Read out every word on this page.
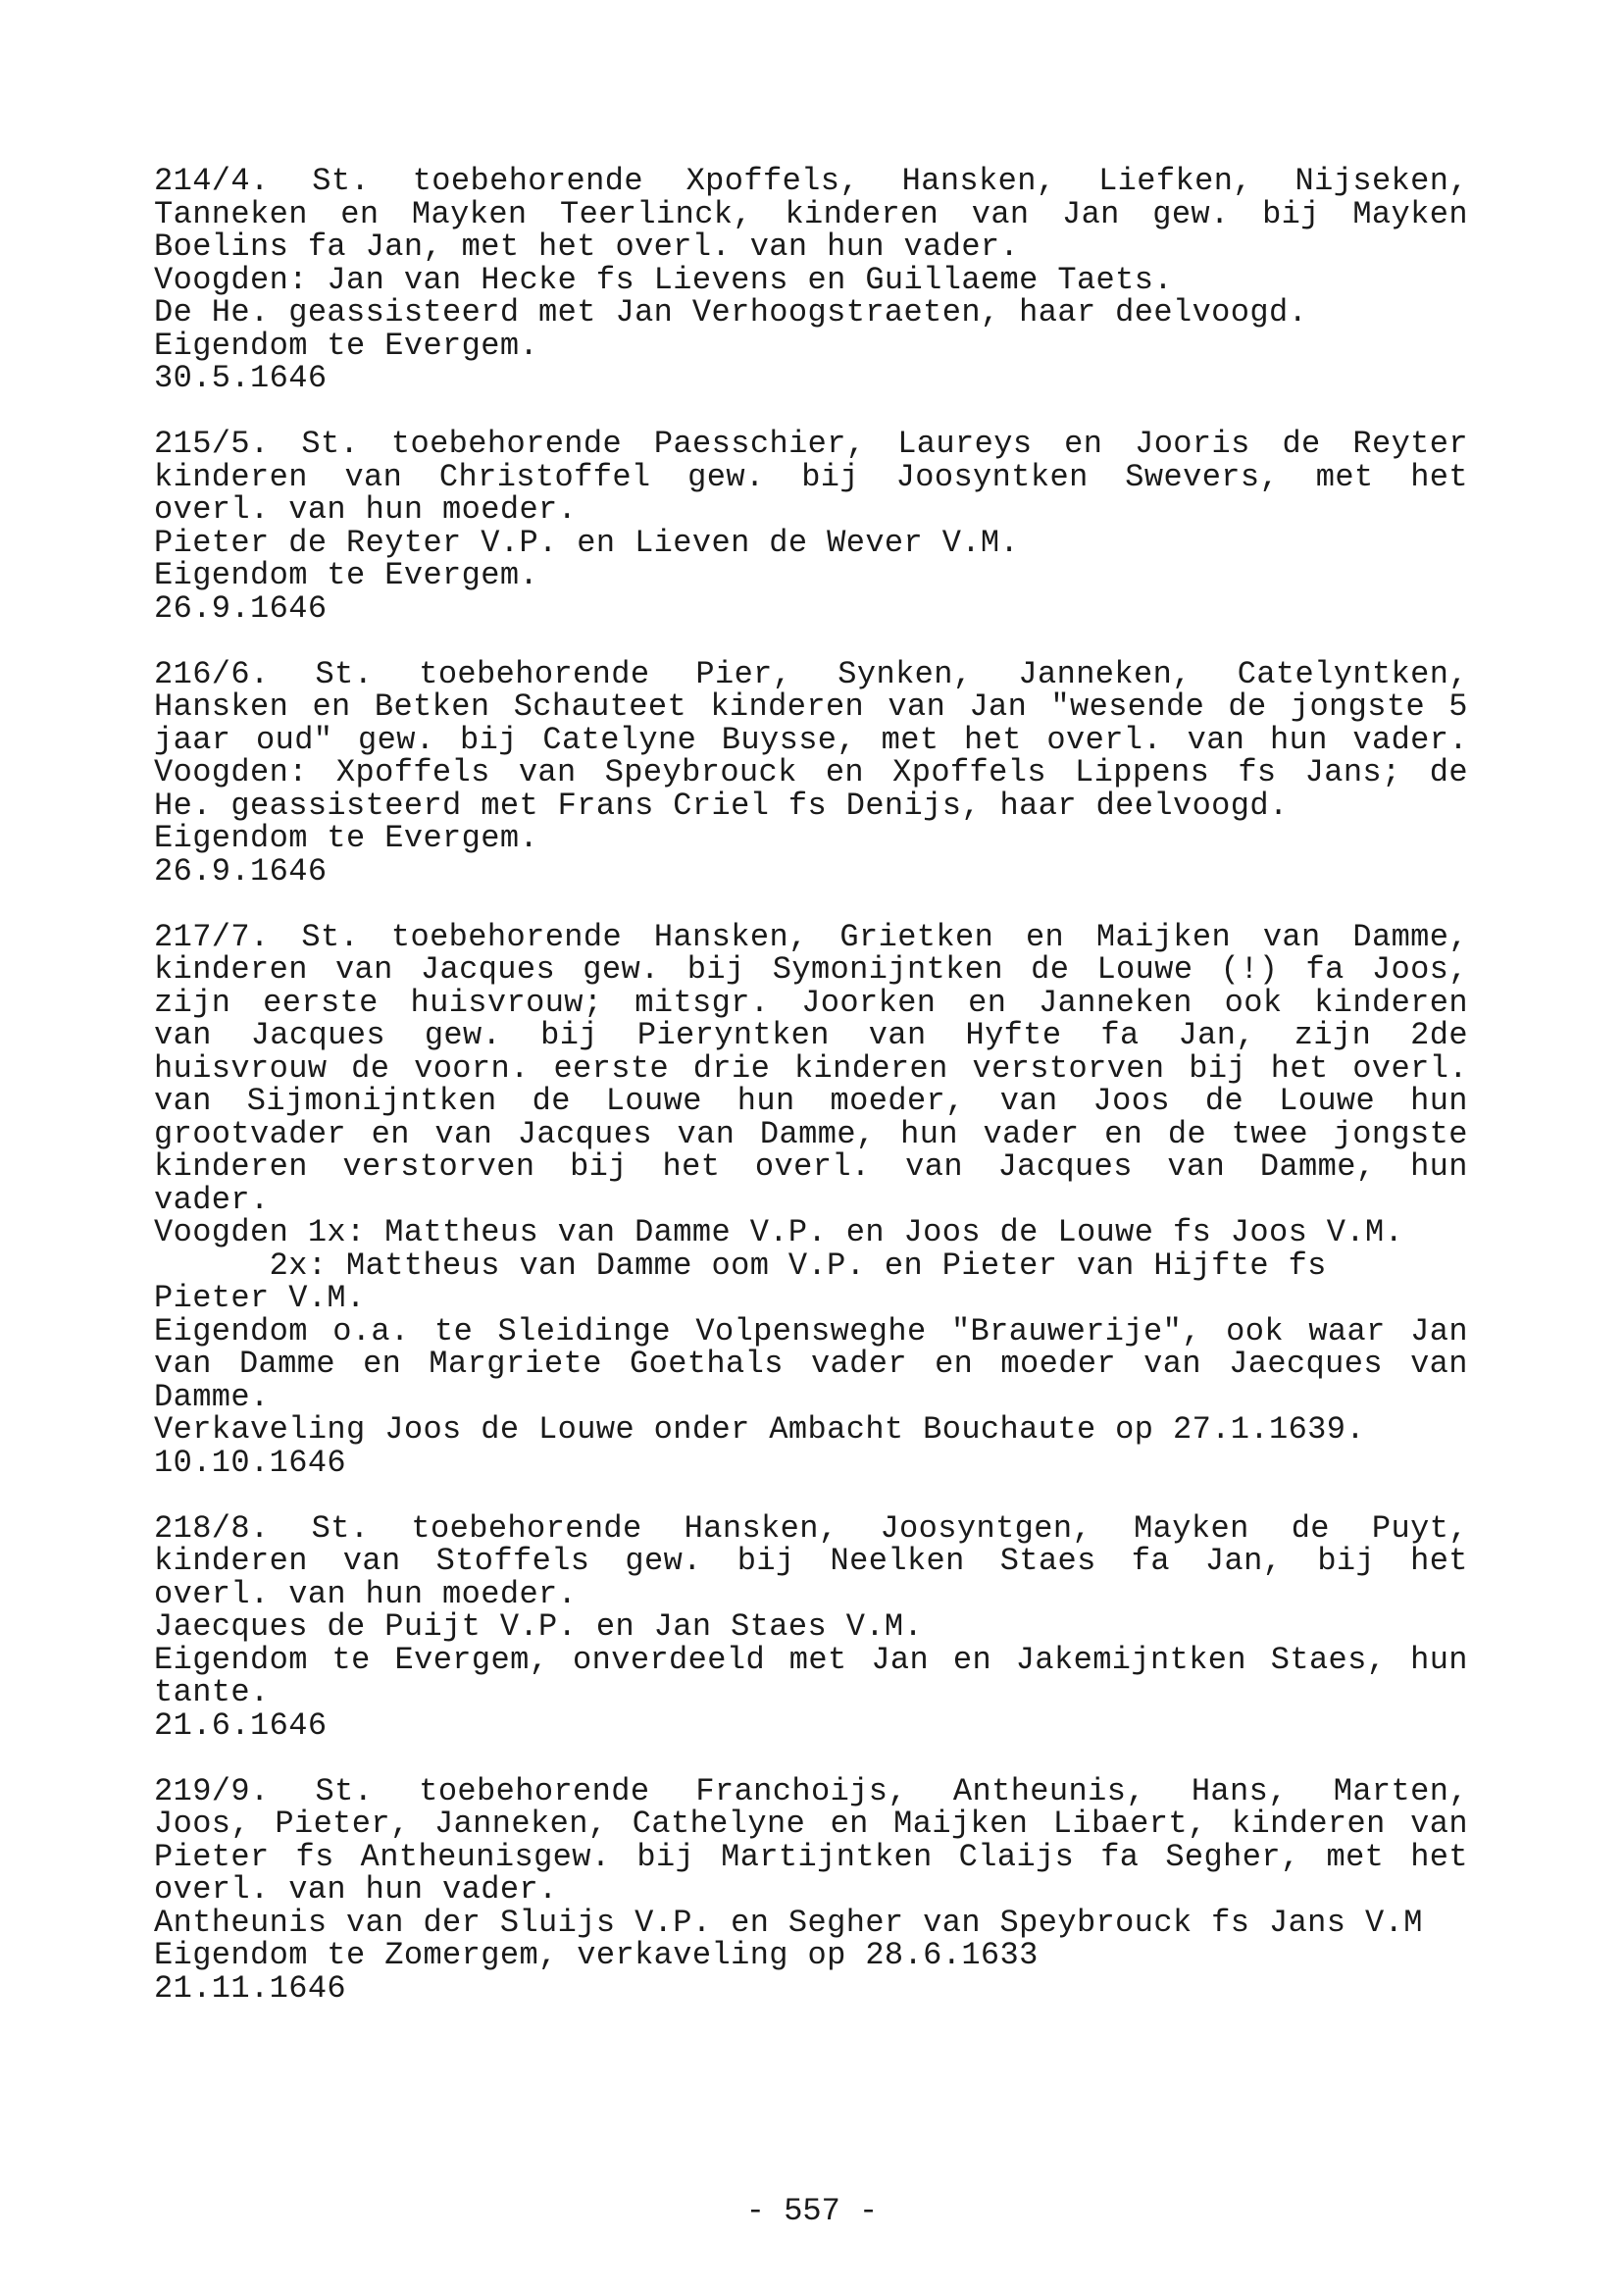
214/4. St. toebehorende Xpoffels, Hansken, Liefken, Nijseken,
Tanneken en Mayken Teerlinck, kinderen van Jan gew. bij Mayken
Boelins fa Jan, met het overl. van hun vader.
Voogden: Jan van Hecke fs Lievens en Guillaeme Taets.
De He. geassisteerd met Jan Verhoogstraeten, haar deelvoogd.
Eigendom te Evergem.
30.5.1646
215/5. St. toebehorende Paesschier, Laureys en Jooris de Reyter
kinderen van Christoffel gew. bij Joosyntken Swevers, met het
overl. van hun moeder.
Pieter de Reyter V.P. en Lieven de Wever V.M.
Eigendom te Evergem.
26.9.1646
216/6. St. toebehorende Pier, Synken, Janneken, Catelyntken,
Hansken en Betken Schauteet kinderen van Jan "wesende de jongste 5
jaar oud" gew. bij Catelyne Buysse, met het overl. van hun vader.
Voogden: Xpoffels van Speybrouck en Xpoffels Lippens fs Jans; de
He. geassisteerd met Frans Criel fs Denijs, haar deelvoogd.
Eigendom te Evergem.
26.9.1646
217/7. St. toebehorende Hansken, Grietken en Maijken van Damme,
kinderen van Jacques gew. bij Symonijntken de Louwe (!) fa Joos,
zijn eerste huisvrouw; mitsgr. Joorken en Janneken ook kinderen
van Jacques gew. bij Pieryntken van Hyfte fa Jan, zijn 2de
huisvrouw de voorn. eerste drie kinderen verstorven bij het overl.
van Sijmonijntken de Louwe hun moeder, van Joos de Louwe hun
grootvader en van Jacques van Damme, hun vader en de twee jongste
kinderen verstorven bij het overl. van Jacques van Damme, hun
vader.
Voogden 1x: Mattheus van Damme V.P. en Joos de Louwe fs Joos V.M.
2x: Mattheus van Damme oom V.P. en Pieter van Hijfte fs
Pieter V.M.
Eigendom o.a. te Sleidinge Volpensweghe "Brauwerije", ook waar Jan
van Damme en Margriete Goethals vader en moeder van Jaecques van
Damme.
Verkaveling Joos de Louwe onder Ambacht Bouchaute op 27.1.1639.
10.10.1646
218/8. St. toebehorende Hansken, Joosyntgen, Mayken de Puyt,
kinderen van Stoffels gew. bij Neelken Staes fa Jan, bij het
overl. van hun moeder.
Jaecques de Puijt V.P. en Jan Staes V.M.
Eigendom te Evergem, onverdeeld met Jan en Jakemijntken Staes, hun
tante.
21.6.1646
219/9. St. toebehorende Franchoijs, Antheunis, Hans, Marten,
Joos, Pieter, Janneken, Cathelyne en Maijken Libaert, kinderen van
Pieter fs Antheunisgew. bij Martijntken Claijs fa Segher, met het
overl. van hun vader.
Antheunis van der Sluijs V.P. en Segher van Speybrouck fs Jans V.M
Eigendom te Zomergem, verkaveling op 28.6.1633
21.11.1646
- 557 -
